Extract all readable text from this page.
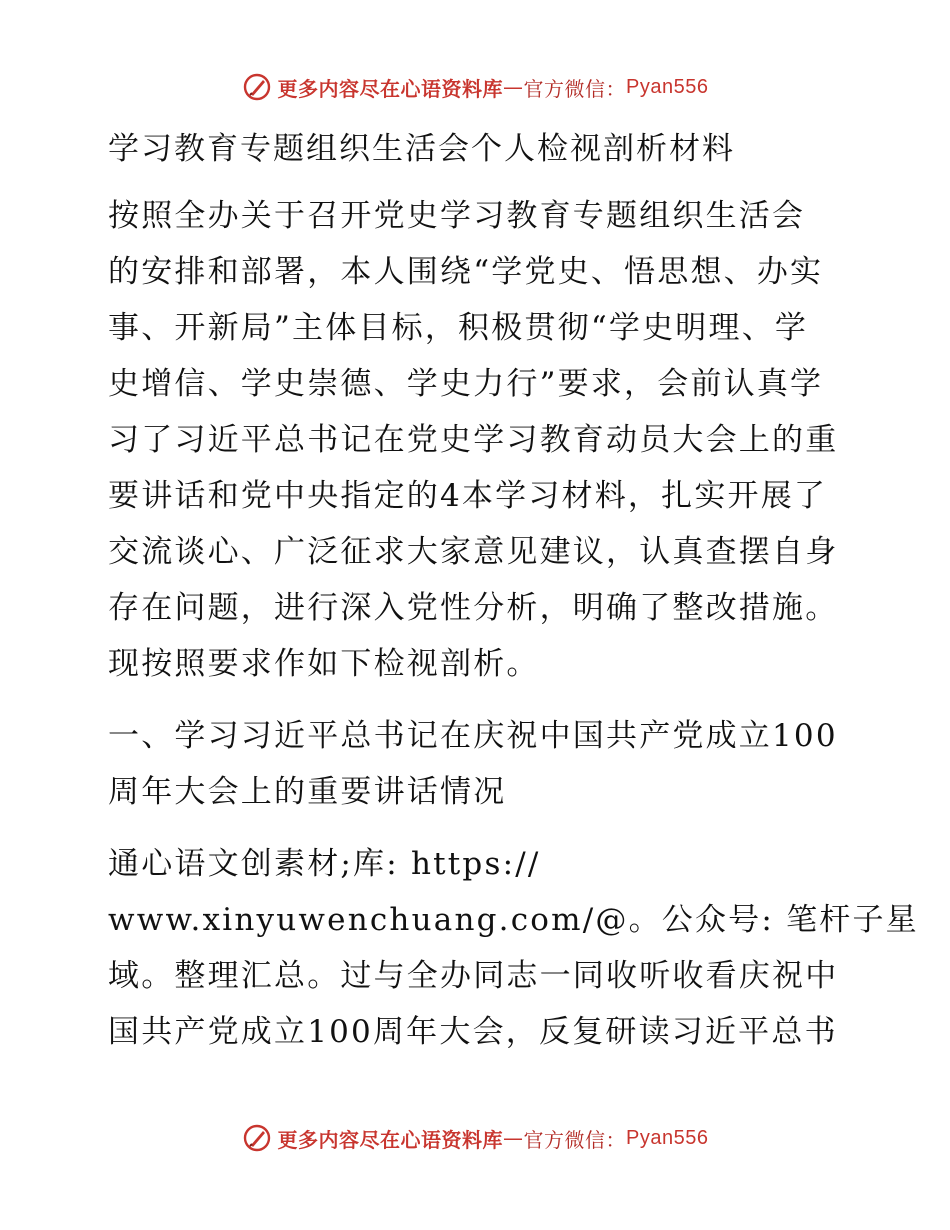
更多内容尽在心语资料库 — 官方微信： Pyan556
学习教育专题组织生活会个人检视剖析材料
按照全办关于召开党史学习教育专题组织生活会
的安排和部署，本人围绕“学党史、悟思想、办实
事、开新局”主体目标，积极贯彻“学史明理、学
史增信、学史崇德、学史力行”要求，会前认真学
习了习近平总书记在党史学习教育动员大会上的重
要讲话和党中央指定的4本学习材料，扎实开展了
交流谈心、广泛征求大家意见建议，认真查摆自身
存在问题，进行深入党性分析，明确了整改措施。
现按照要求作如下检视剖析。
一、学习习近平总书记在庆祝中国共产党成立100
周年大会上的重要讲话情况
通心语文创素材;库: https://
www.xinyuwenchuang.com/@。公众号: 笔杆子星
域。整理汇总。过与全办同志一同收听收看庆祝中
国共产党成立100周年大会，反复研读习近平总书
更多内容尽在心语资料库 — 官方微信： Pyan556
